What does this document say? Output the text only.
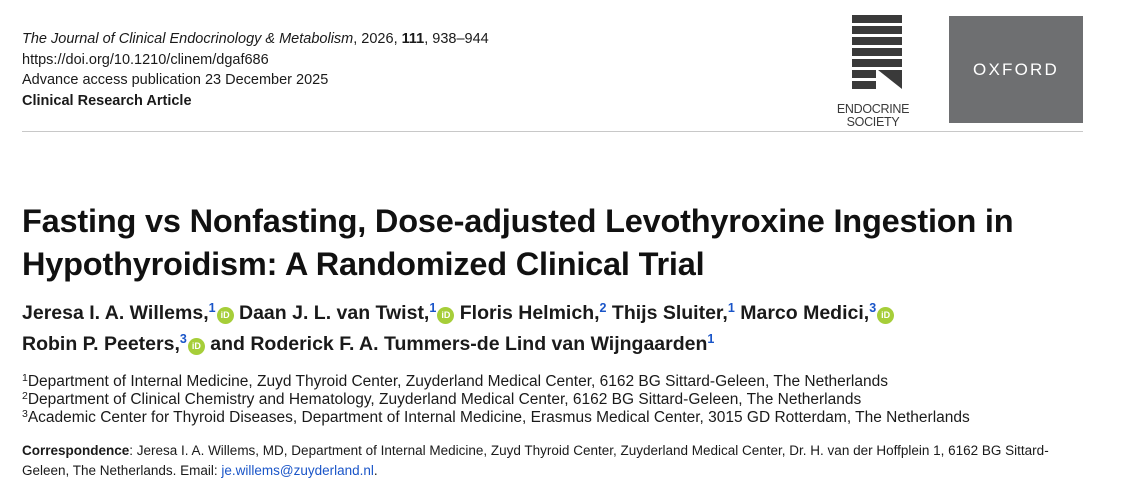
The Journal of Clinical Endocrinology & Metabolism, 2026, 111, 938–944
https://doi.org/10.1210/clinem/dgaf686
Advance access publication 23 December 2025
Clinical Research Article
ENDOCRINE
SOCIETY
OXFORD
Fasting vs Nonfasting, Dose-adjusted Levothyroxine Ingestion in Hypothyroidism: A Randomized Clinical Trial
Jeresa I. A. Willems,$^1$ iD Daan J. L. van Twist,$^1$ iD Floris Helmich,$^2$ Thijs Sluiter,$^1$ Marco Medici,$^3$ iD
Robin P. Peeters,$^3$ iD and Roderick F. A. Tummers-de Lind van Wijngaarden$^1$
$^1$Department of Internal Medicine, Zuyd Thyroid Center, Zuyderland Medical Center, 6162 BG Sittard-Geleen, The Netherlands
$^2$Department of Clinical Chemistry and Hematology, Zuyderland Medical Center, 6162 BG Sittard-Geleen, The Netherlands
$^3$Academic Center for Thyroid Diseases, Department of Internal Medicine, Erasmus Medical Center, 3015 GD Rotterdam, The Netherlands
Correspondence: Jeresa I. A. Willems, MD, Department of Internal Medicine, Zuyd Thyroid Center, Zuyderland Medical Center, Dr. H. van der Hoffplein 1, 6162 BG Sittard-Geleen, The Netherlands. Email: je.willems@zuyderland.nl.
